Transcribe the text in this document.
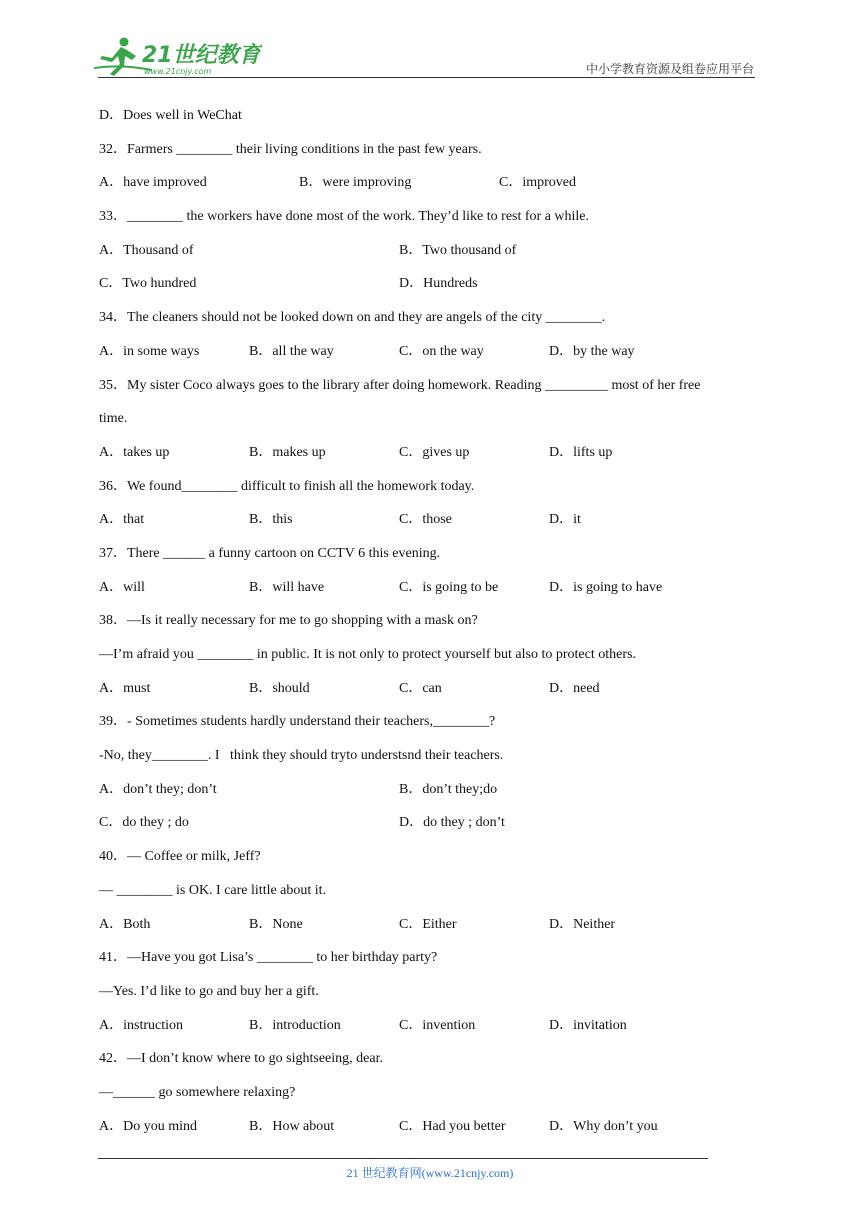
21世纪教育
www.21cnjy.com	中小学教育资源及组卷应用平台
D．Does well in WeChat
32．Farmers ________ their living conditions in the past few years.
A．have improved	B．were improving	C．improved
33．________ the workers have done most of the work. They’d like to rest for a while.
A．Thousand of	B．Two thousand of
C．Two hundred	D．Hundreds
34．The cleaners should not be looked down on and they are angels of the city ________.
A．in some ways	B．all the way	C．on the way	D．by the way
35．My sister Coco always goes to the library after doing homework. Reading _________ most of her free
time.
A．takes up	B．makes up	C．gives up	D．lifts up
36．We found________ difficult to finish all the homework today.
A．that	B．this	C．those	D．it
37．There ______ a funny cartoon on CCTV 6 this evening.
A．will	B．will have	C．is going to be	D．is going to have
38．—Is it really necessary for me to go shopping with a mask on?
—I’m afraid you ________ in public. It is not only to protect yourself but also to protect others.
A．must	B．should	C．can	D．need
39．- Sometimes students hardly understand their teachers,________?
-No, they________. I   think they should tryto understsnd their teachers.
A．don’t they; don’t	B．don’t they;do
C．do they ; do	D．do they ; don’t
40．— Coffee or milk, Jeff?
— ________ is OK. I care little about it.
A．Both	B．None	C．Either	D．Neither
41．—Have you got Lisa’s ________ to her birthday party?
—Yes. I’d like to go and buy her a gift.
A．instruction	B．introduction	C．invention	D．invitation
42．—I don’t know where to go sightseeing, dear.
—______ go somewhere relaxing?
A．Do you mind	B．How about	C．Had you better	D．Why don’t you
21 世纪教育网(www.21cnjy.com)
